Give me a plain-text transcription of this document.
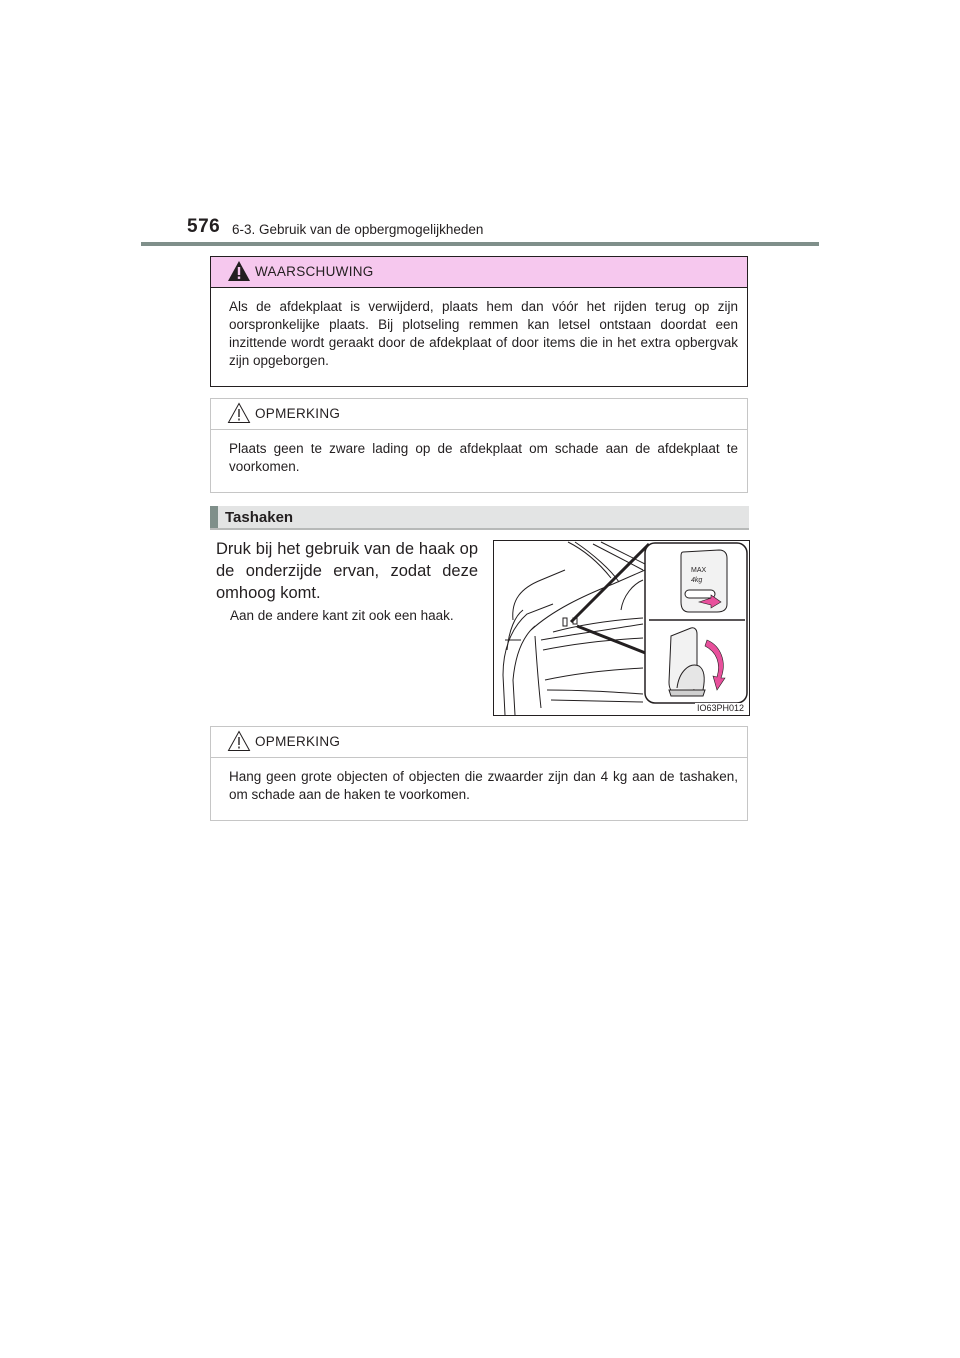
576 6-3. Gebruik van de opbergmogelijkheden
WAARSCHUWING
Als de afdekplaat is verwijderd, plaats hem dan vóór het rijden terug op zijn oorspronkelijke plaats. Bij plotseling remmen kan letsel ontstaan doordat een inzittende wordt geraakt door de afdekplaat of door items die in het extra opbergvak zijn opgeborgen.
OPMERKING
Plaats geen te zware lading op de afdekplaat om schade aan de afdekplaat te voorkomen.
Tashaken
Druk bij het gebruik van de haak op de onderzijde ervan, zodat deze omhoog komt.
Aan de andere kant zit ook een haak.
MAX
4kg
IO63PH012
OPMERKING
Hang geen grote objecten of objecten die zwaarder zijn dan 4 kg aan de tashaken, om schade aan de haken te voorkomen.
